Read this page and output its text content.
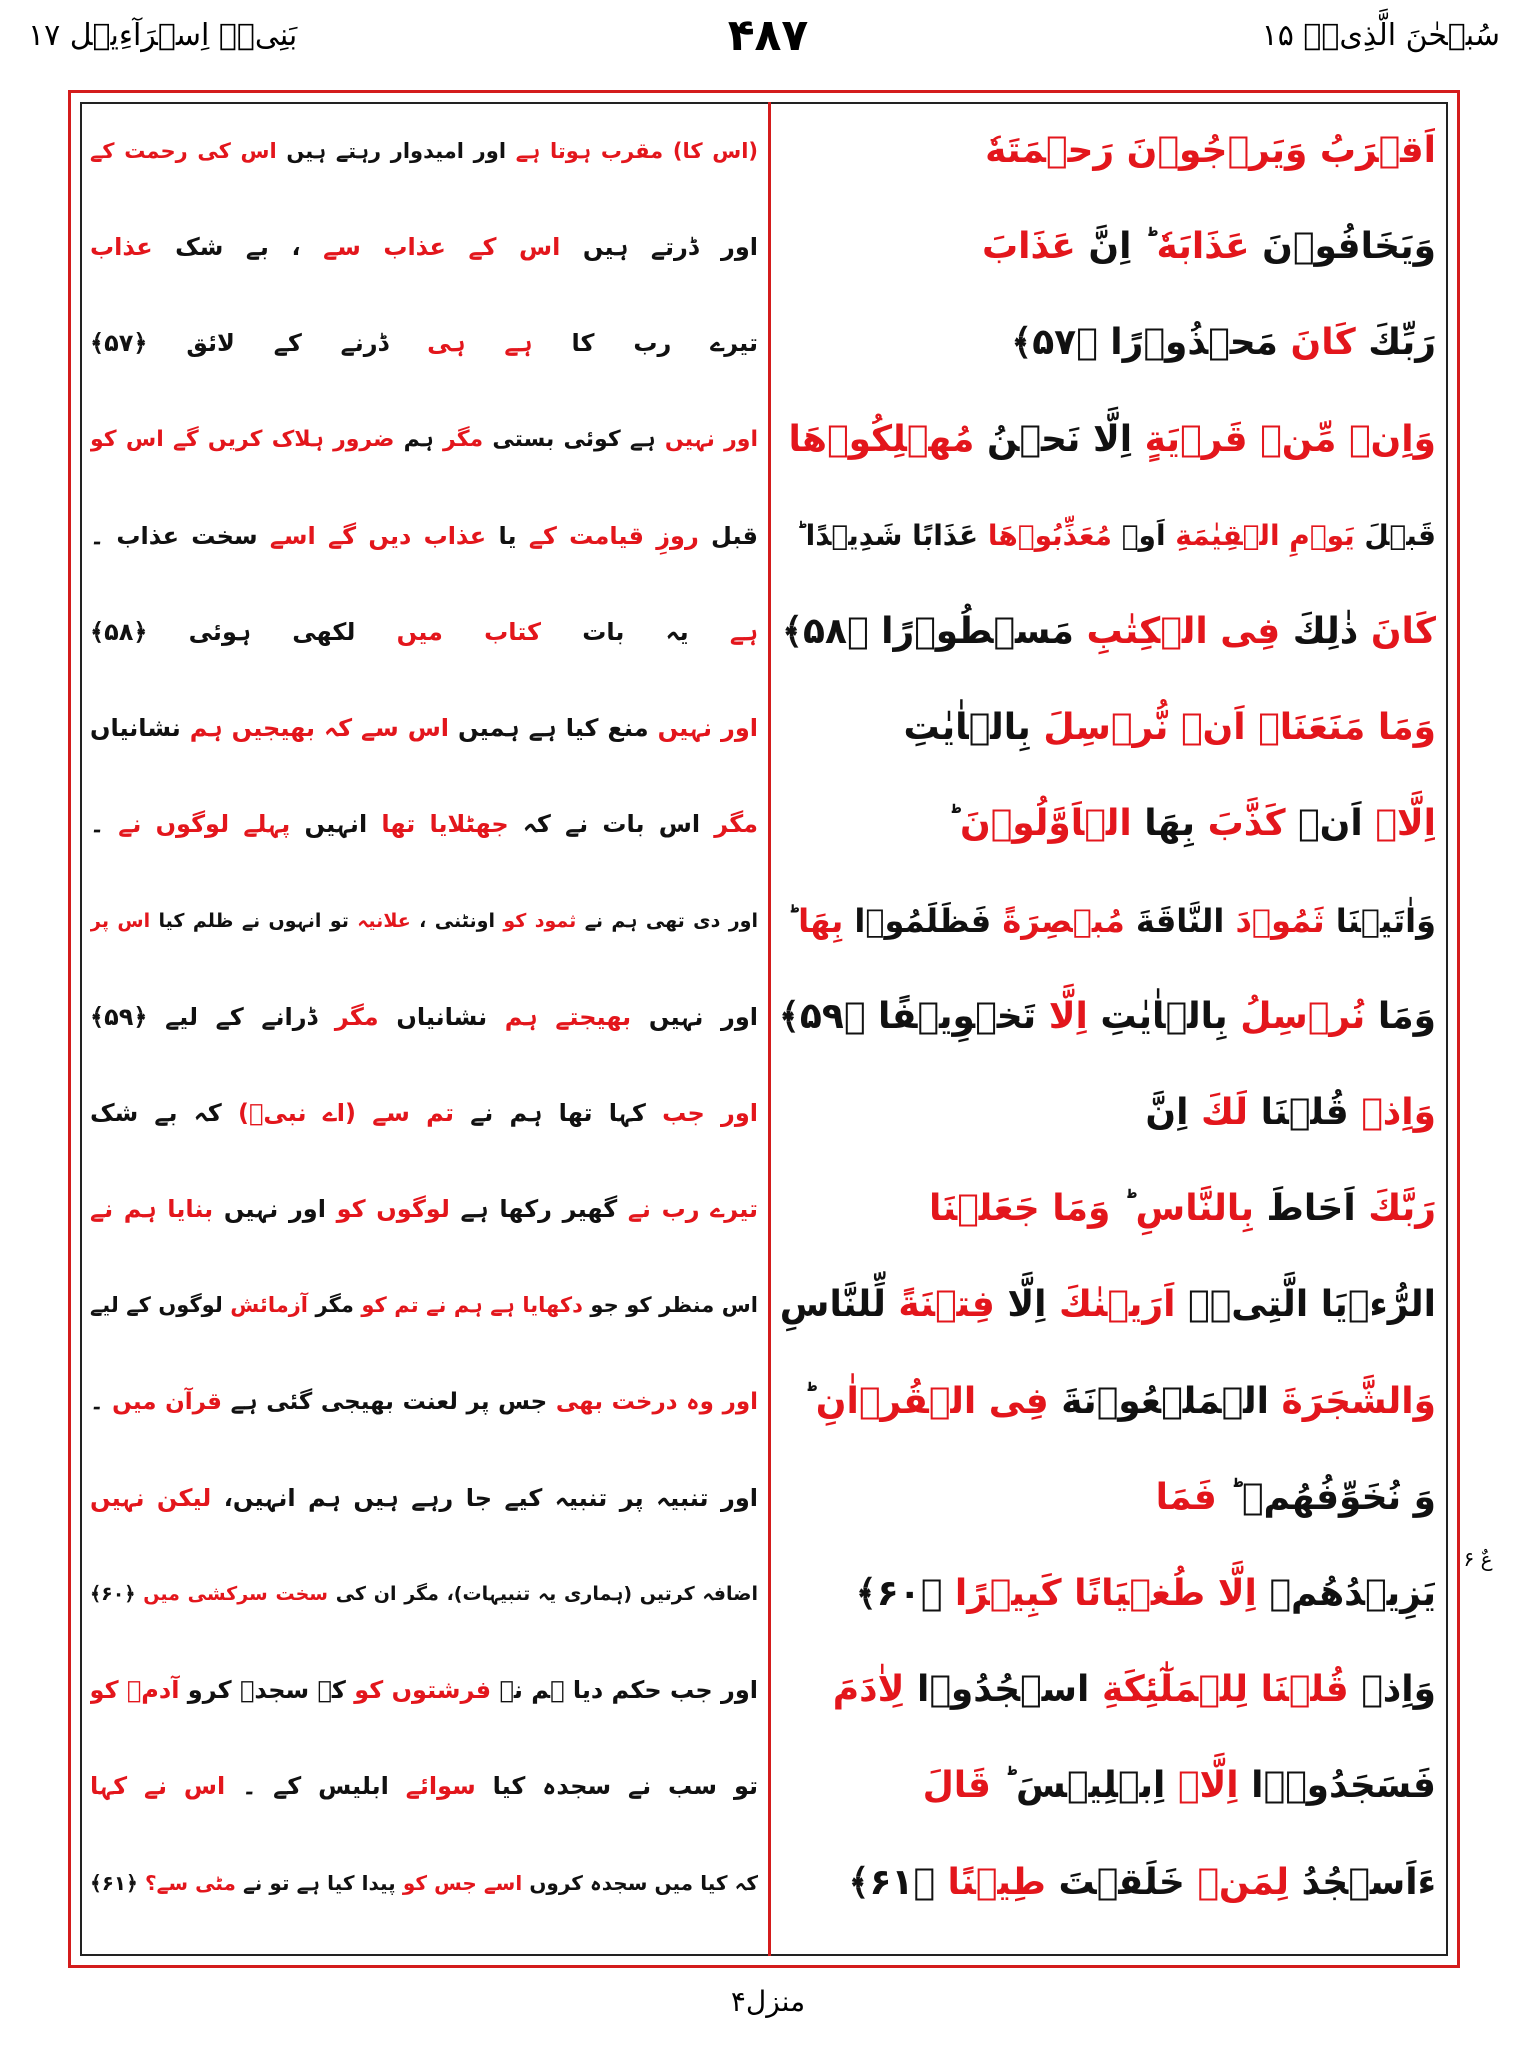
سُبۡحٰنَ الَّذِیۡۤ ۱۵
۴۸۷
بَنِیۡۤ اِسۡرَآءِیۡل ۱۷
اَقۡرَبُ وَیَرۡجُوۡنَ رَحۡمَتَهٗ
(اس کا) مقرب ہوتا ہے اور امیدوار رہتے ہیں اس کی رحمت کے
وَیَخَافُوۡنَ عَذَابَهٗ ؕ اِنَّ عَذَابَ
اور ڈرتے ہیں اس کے عذاب سے ، بے شک عذاب
رَبِّكَ كَانَ مَحۡذُوۡرًا ﴿۵۷﴾
تیرے رب کا ہے ہی ڈرنے کے لائق ﴿۵۷﴾
وَاِنۡ مِّنۡ قَرۡیَةٍ اِلَّا نَحۡنُ مُهۡلِكُوۡهَا
اور نہیں ہے کوئی بستی مگر ہم ضرور ہلاک کریں گے اس کو
قَبۡلَ یَوۡمِ الۡقِیٰمَةِ اَوۡ مُعَذِّبُوۡهَا عَذَابًا شَدِیۡدًا ؕ
قبل روزِ قیامت کے یا عذاب دیں گے اسے سخت عذاب ۔
كَانَ ذٰلِكَ فِی الۡكِتٰبِ مَسۡطُوۡرًا ﴿۵۸﴾
ہے یہ بات کتاب میں لکھی ہوئی ﴿۵۸﴾
وَمَا مَنَعَنَاۤ اَنۡ نُّرۡسِلَ بِالۡاٰیٰتِ
اور نہیں منع کیا ہے ہمیں اس سے کہ بھیجیں ہم نشانیاں
اِلَّاۤ اَنۡ كَذَّبَ بِهَا الۡاَوَّلُوۡنَ ؕ
مگر اس بات نے کہ جھٹلایا تھا انہیں پہلے لوگوں نے ۔
وَاٰتَیۡنَا ثَمُوۡدَ النَّاقَةَ مُبۡصِرَةً فَظَلَمُوۡا بِهَا ؕ
اور دی تھی ہم نے ثمود کو اونٹنی ، علانیہ تو انہوں نے ظلم کیا اس پر
وَمَا نُرۡسِلُ بِالۡاٰیٰتِ اِلَّا تَخۡوِیۡفًا ﴿۵۹﴾
اور نہیں بھیجتے ہم نشانیاں مگر ڈرانے کے لیے ﴿۵۹﴾
وَاِذۡ قُلۡنَا لَكَ اِنَّ
اور جب کہا تھا ہم نے تم سے (اے نبیؐ) کہ بے شک
رَبَّكَ اَحَاطَ بِالنَّاسِ ؕ وَمَا جَعَلۡنَا
تیرے رب نے گھیر رکھا ہے لوگوں کو اور نہیں بنایا ہم نے
الرُّءۡیَا الَّتِیۡۤ اَرَیۡنٰكَ اِلَّا فِتۡنَةً لِّلنَّاسِ
اس منظر کو جو دکھایا ہے ہم نے تم کو مگر آزمائش لوگوں کے لیے
وَالشَّجَرَةَ الۡمَلۡعُوۡنَةَ فِی الۡقُرۡاٰنِ ؕ
اور وہ درخت بھی جس پر لعنت بھیجی گئی ہے قرآن میں ۔
وَ نُخَوِّفُهُمۡ ؕ فَمَا
اور تنبیہ پر تنبیہ کیے جا رہے ہیں ہم انہیں، لیکن نہیں
یَزِیۡدُهُمۡ اِلَّا طُغۡیَانًا كَبِیۡرًا ﴿۶۰﴾
اضافہ کرتیں (ہماری یہ تنبیہات)، مگر ان کی سخت سرکشی میں ﴿۶۰﴾
وَاِذۡ قُلۡنَا لِلۡمَلٰٓئِكَةِ اسۡجُدُوۡا لِاٰدَمَ
اور جب حکم دیا ہم نے فرشتوں کو کہ سجدہ کرو آدمؑ کو
فَسَجَدُوۡۤا اِلَّاۤ اِبۡلِیۡسَ ؕ قَالَ
تو سب نے سجدہ کیا سوائے ابلیس کے ۔ اس نے کہا
ءَاَسۡجُدُ لِمَنۡ خَلَقۡتَ طِیۡنًا ﴿۶۱﴾
کہ کیا میں سجدہ کروں اسے جس کو پیدا کیا ہے تو نے مٹی سے؟ ﴿۶۱﴾
عٌ ۶
منزل۴
